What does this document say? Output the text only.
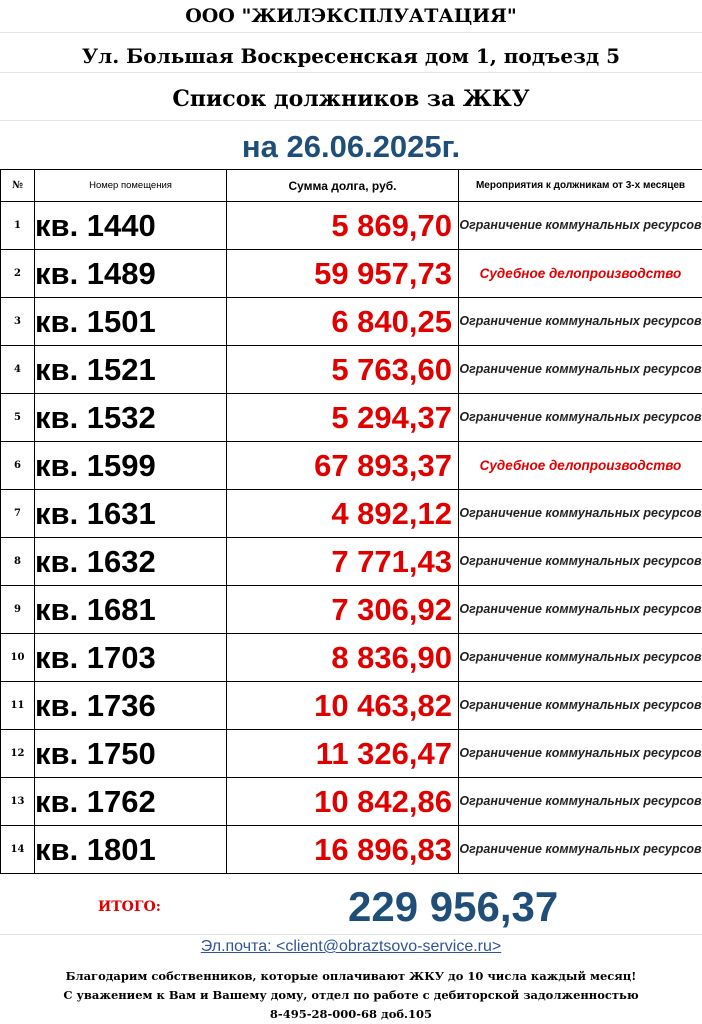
ООО "ЖИЛЭКСПЛУАТАЦИЯ"
Ул. Большая Воскресенская дом 1, подъезд 5
Список должников за ЖКУ
на 26.06.2025г.
№	Номер помещения	Сумма долга, руб.	Мероприятия к должникам от 3-х месяцев
1	кв. 1440	5 869,70	Ограничение коммунальных ресурсов
2	кв. 1489	59 957,73	Судебное делопроизводство
3	кв. 1501	6 840,25	Ограничение коммунальных ресурсов
4	кв. 1521	5 763,60	Ограничение коммунальных ресурсов
5	кв. 1532	5 294,37	Ограничение коммунальных ресурсов
6	кв. 1599	67 893,37	Судебное делопроизводство
7	кв. 1631	4 892,12	Ограничение коммунальных ресурсов
8	кв. 1632	7 771,43	Ограничение коммунальных ресурсов
9	кв. 1681	7 306,92	Ограничение коммунальных ресурсов
10	кв. 1703	8 836,90	Ограничение коммунальных ресурсов
11	кв. 1736	10 463,82	Ограничение коммунальных ресурсов
12	кв. 1750	11 326,47	Ограничение коммунальных ресурсов
13	кв. 1762	10 842,86	Ограничение коммунальных ресурсов
14	кв. 1801	16 896,83	Ограничение коммунальных ресурсов
ИТОГО:	229 956,37
Эл.почта: <client@obraztsovo-service.ru>
Благодарим собственников, которые оплачивают ЖКУ до 10 числа каждый месяц!
С уважением к Вам и Вашему дому, отдел по работе с дебиторской задолженностью
8-495-28-000-68 доб.105
